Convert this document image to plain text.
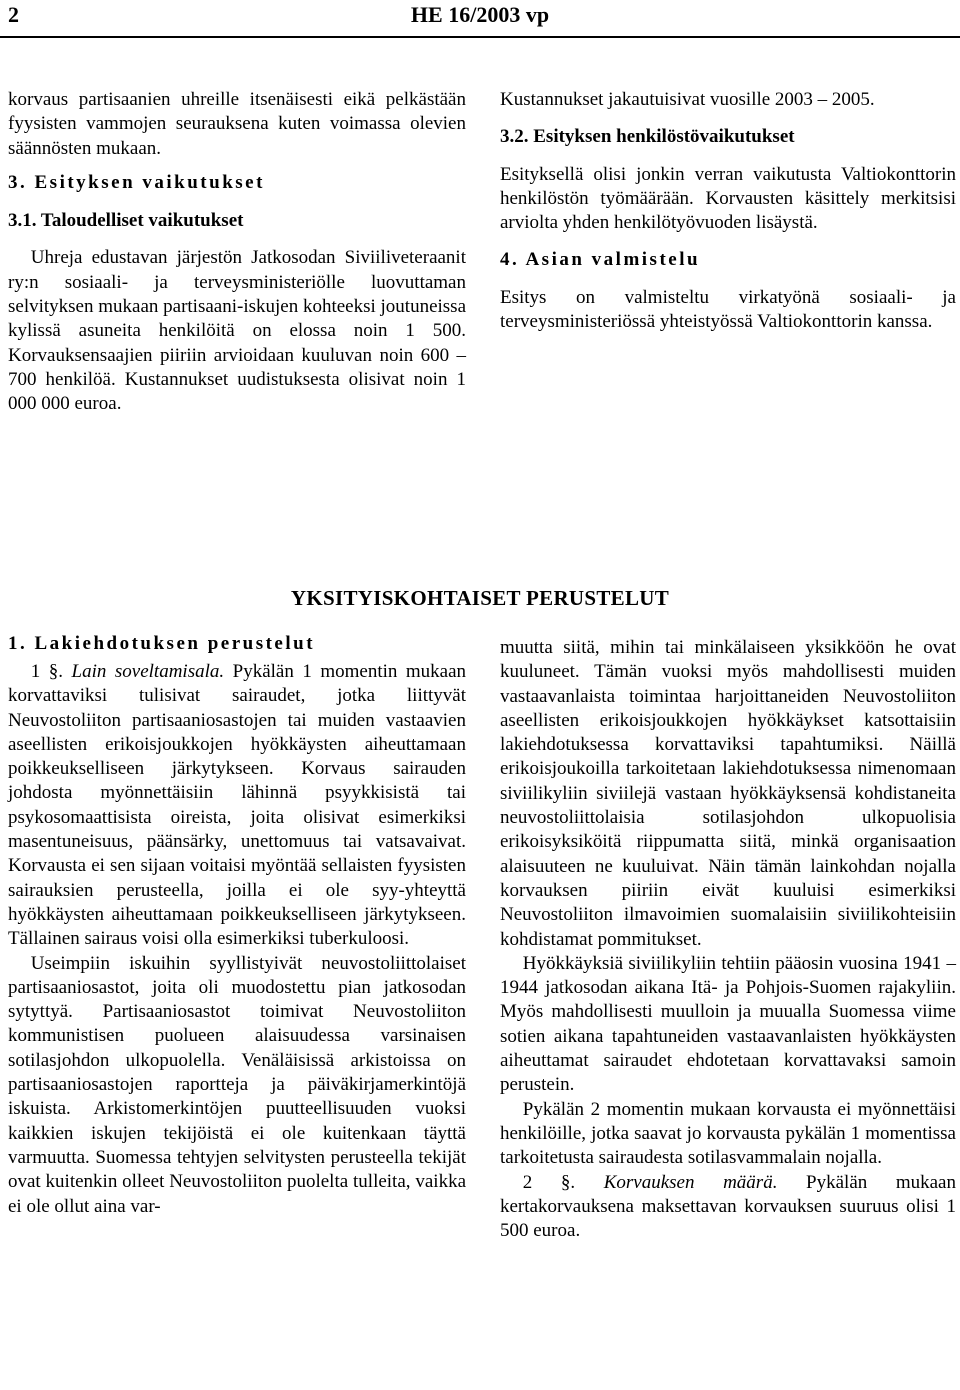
2	HE 16/2003 vp

korvaus partisaanien uhreille itsenäisesti eikä pelkästään fyysisten vammojen seurauksena kuten voimassa olevien säännösten mukaan.

3. Esityksen vaikutukset

3.1. Taloudelliset vaikutukset

Uhreja edustavan järjestön Jatkosodan Siviiliveteraanit ry:n sosiaali- ja terveysministeriölle luovuttaman selvityksen mukaan partisaani-iskujen kohteeksi joutuneissa kylissä asuneita henkilöitä on elossa noin 1 500. Korvauksensaajien piiriin arvioidaan kuuluvan noin 600 – 700 henkilöä. Kustannukset uudistuksesta olisivat noin 1 000 000 euroa.

Kustannukset jakautuisivat vuosille 2003 – 2005.

3.2. Esityksen henkilöstövaikutukset

Esityksellä olisi jonkin verran vaikutusta Valtiokonttorin henkilöstön työmäärään. Korvausten käsittely merkitsisi arviolta yhden henkilötyövuoden lisäystä.

4. Asian valmistelu

Esitys on valmisteltu virkatyönä sosiaali- ja terveysministeriössä yhteistyössä Valtiokonttorin kanssa.

YKSITYISKOHTAISET PERUSTELUT
1. Lakiehdotuksen perustelut

1 §. Lain soveltamisala. Pykälän 1 momentin mukaan korvattaviksi tulisivat sairaudet, jotka liittyvät Neuvostoliiton partisaaniosastojen tai muiden vastaavien aseellisten erikoisjoukkojen hyökkäysten aiheuttamaan poikkeukselliseen järkytykseen. Korvaus sairauden johdosta myönnettäisiin lähinnä psyykkisistä tai psykosomaattisista oireista, joita olisivat esimerkiksi masentuneisuus, päänsärky, unettomuus tai vatsavaivat. Korvausta ei sen sijaan voitaisi myöntää sellaisten fyysisten sairauksien perusteella, joilla ei ole syy-yhteyttä hyökkäysten aiheuttamaan poikkeukselliseen järkytykseen. Tällainen sairaus voisi olla esimerkiksi tuberkuloosi.

Useimpiin iskuihin syyllistyivät neuvostoliittolaiset partisaaniosastot, joita oli muodostettu pian jatkosodan sytyttyä. Partisaaniosastot toimivat Neuvostoliiton kommunistisen puolueen alaisuudessa varsinaisen sotilasjohdon ulkopuolella. Venäläisissä arkistoissa on partisaaniosastojen raportteja ja päiväkirjamerkintöjä iskuista. Arkistomerkintöjen puutteellisuuden vuoksi kaikkien iskujen tekijöistä ei ole kuitenkaan täyttä varmuutta. Suomessa tehtyjen selvitysten perusteella tekijät ovat kuitenkin olleet Neuvostoliiton puolelta tulleita, vaikka ei ole ollut aina var-

muutta siitä, mihin tai minkälaiseen yksikköön he ovat kuuluneet. Tämän vuoksi myös mahdollisesti muiden vastaavanlaista toimintaa harjoittaneiden Neuvostoliiton aseellisten erikoisjoukkojen hyökkäykset katsottaisiin lakiehdotuksessa korvattaviksi tapahtumiksi. Näillä erikoisjoukoilla tarkoitetaan lakiehdotuksessa nimenomaan siviilikyliin siviilejä vastaan hyökkäyksensä kohdistaneita neuvostoliittolaisia sotilasjohdon ulkopuolisia erikoisyksiköitä riippumatta siitä, minkä organisaation alaisuuteen ne kuuluivat. Näin tämän lainkohdan nojalla korvauksen piiriin eivät kuuluisi esimerkiksi Neuvostoliiton ilmavoimien suomalaisiin siviilikohteisiin kohdistamat pommitukset.

Hyökkäyksiä siviilikyliin tehtiin pääosin vuosina 1941 – 1944 jatkosodan aikana Itä- ja Pohjois-Suomen rajakyliin. Myös mahdollisesti muulloin ja muualla Suomessa viime sotien aikana tapahtuneiden vastaavanlaisten hyökkäysten aiheuttamat sairaudet ehdotetaan korvattavaksi samoin perustein.

Pykälän 2 momentin mukaan korvausta ei myönnettäisi henkilöille, jotka saavat jo korvausta pykälän 1 momentissa tarkoitetusta sairaudesta sotilasvammalain nojalla.

2 §. Korvauksen määrä. Pykälän mukaan kertakorvauksena maksettavan korvauksen suuruus olisi 1 500 euroa.
